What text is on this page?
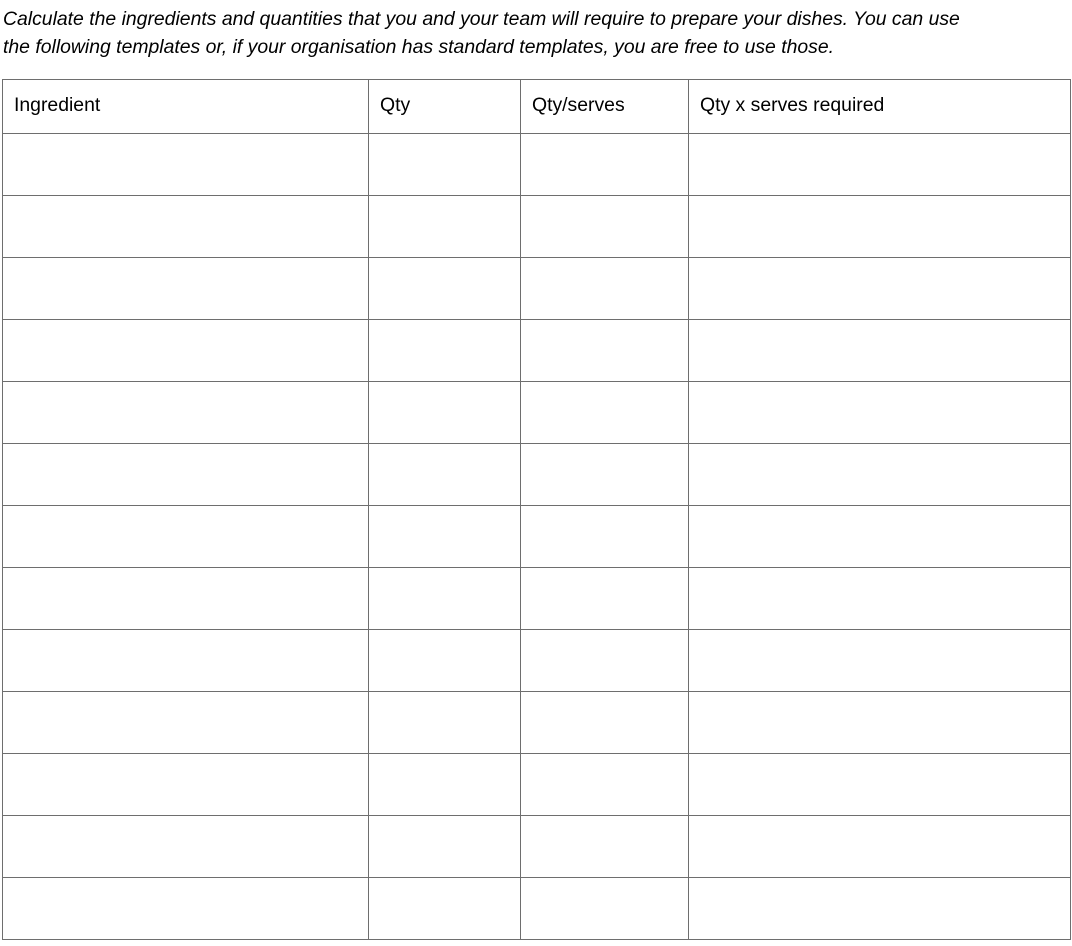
Calculate the ingredients and quantities that you and your team will require to prepare your dishes. You can use
the following templates or, if your organisation has standard templates, you are free to use those.

Ingredient	Qty	Qty/serves	Qty x serves required
